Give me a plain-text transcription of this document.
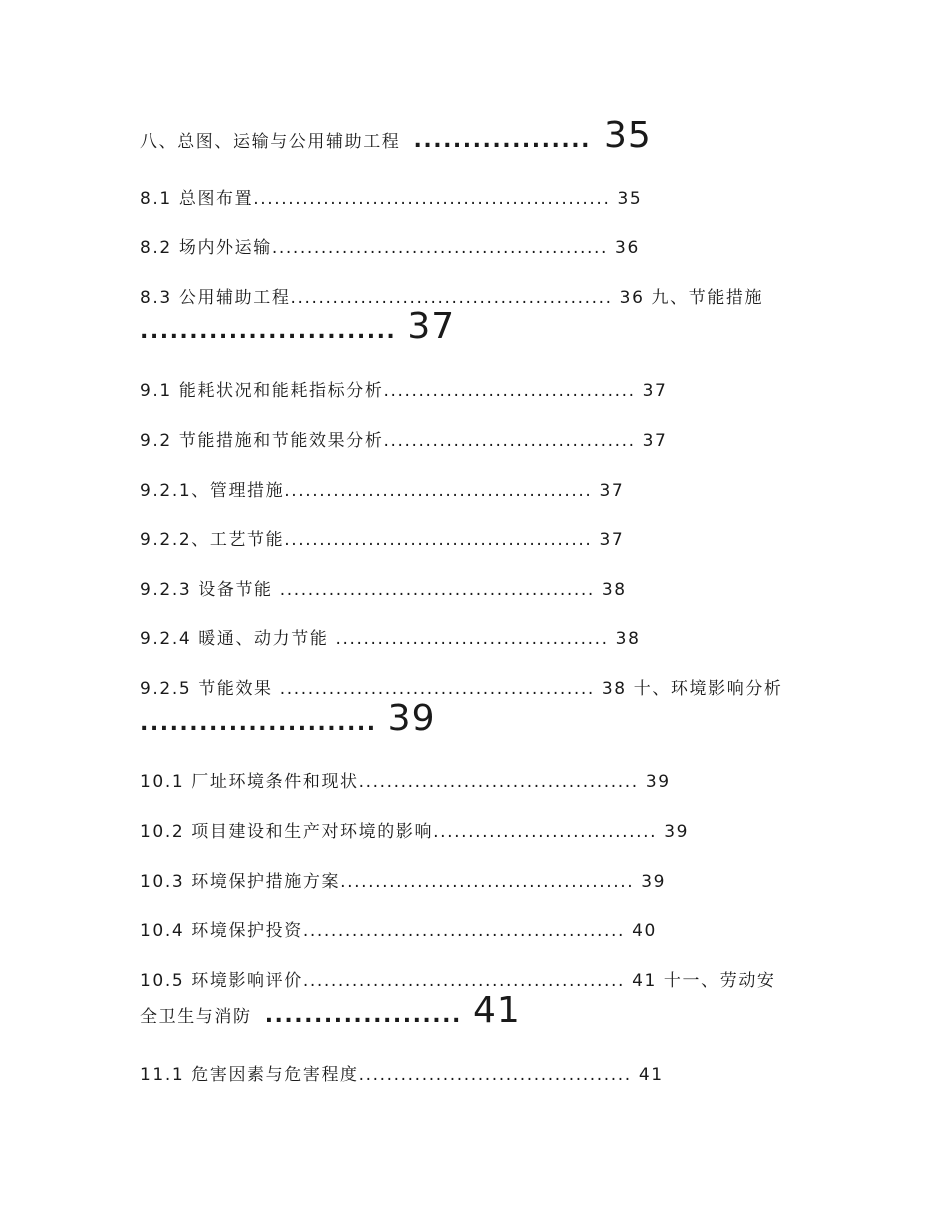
八、总图、运输与公用辅助工程 .................. 35
8.1 总图布置................................................... 35
8.2 场内外运输................................................ 36
8.3 公用辅助工程.............................................. 36 九、节能措施
.......................... 37
9.1 能耗状况和能耗指标分析.................................... 37
9.2 节能措施和节能效果分析.................................... 37
9.2.1、管理措施............................................ 37
9.2.2、工艺节能............................................ 37
9.2.3 设备节能 ............................................. 38
9.2.4 暖通、动力节能 ....................................... 38
9.2.5 节能效果 ............................................. 38 十、环境影响分析
........................ 39
10.1 厂址环境条件和现状........................................ 39
10.2 项目建设和生产对环境的影响................................ 39
10.3 环境保护措施方案.......................................... 39
10.4 环境保护投资.............................................. 40
10.5 环境影响评价.............................................. 41 十一、劳动安
全卫生与消防 .................... 41
11.1 危害因素与危害程度....................................... 41
